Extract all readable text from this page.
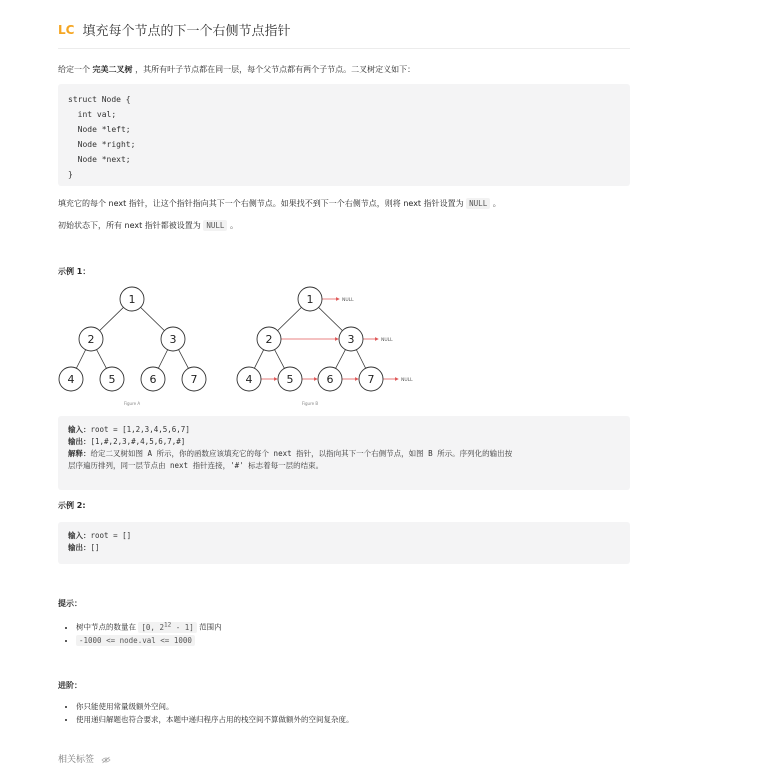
LC 填充每个节点的下一个右侧节点指针
给定一个 完美二叉树 ，其所有叶子节点都在同一层，每个父节点都有两个子节点。二叉树定义如下：
struct Node {
int val;
Node *left;
Node *right;
Node *next;
}
填充它的每个 next 指针，让这个指针指向其下一个右侧节点。如果找不到下一个右侧节点，则将 next 指针设置为 NULL 。
初始状态下，所有 next 指针都被设置为 NULL 。
示例 1：
1
2	3
4	5	6	7
Figure A
1
2	3
4	5	6	7
NULL
NULL
NULL
Figure B
输入：root = [1,2,3,4,5,6,7]
输出：[1,#,2,3,#,4,5,6,7,#]
解释：给定二叉树如图 A 所示，你的函数应该填充它的每个 next 指针，以指向其下一个右侧节点，如图 B 所示。序列化的输出按
层序遍历排列，同一层节点由 next 指针连接，'#' 标志着每一层的结束。
示例 2:
输入：root = []
输出：[]
提示：
• 树中节点的数量在 [0, $2^{12} - 1$] 范围内
• -1000 <= node.val <= 1000
进阶：
• 你只能使用常量级额外空间。
• 使用递归解题也符合要求，本题中递归程序占用的栈空间不算做额外的空间复杂度。
相关标签
